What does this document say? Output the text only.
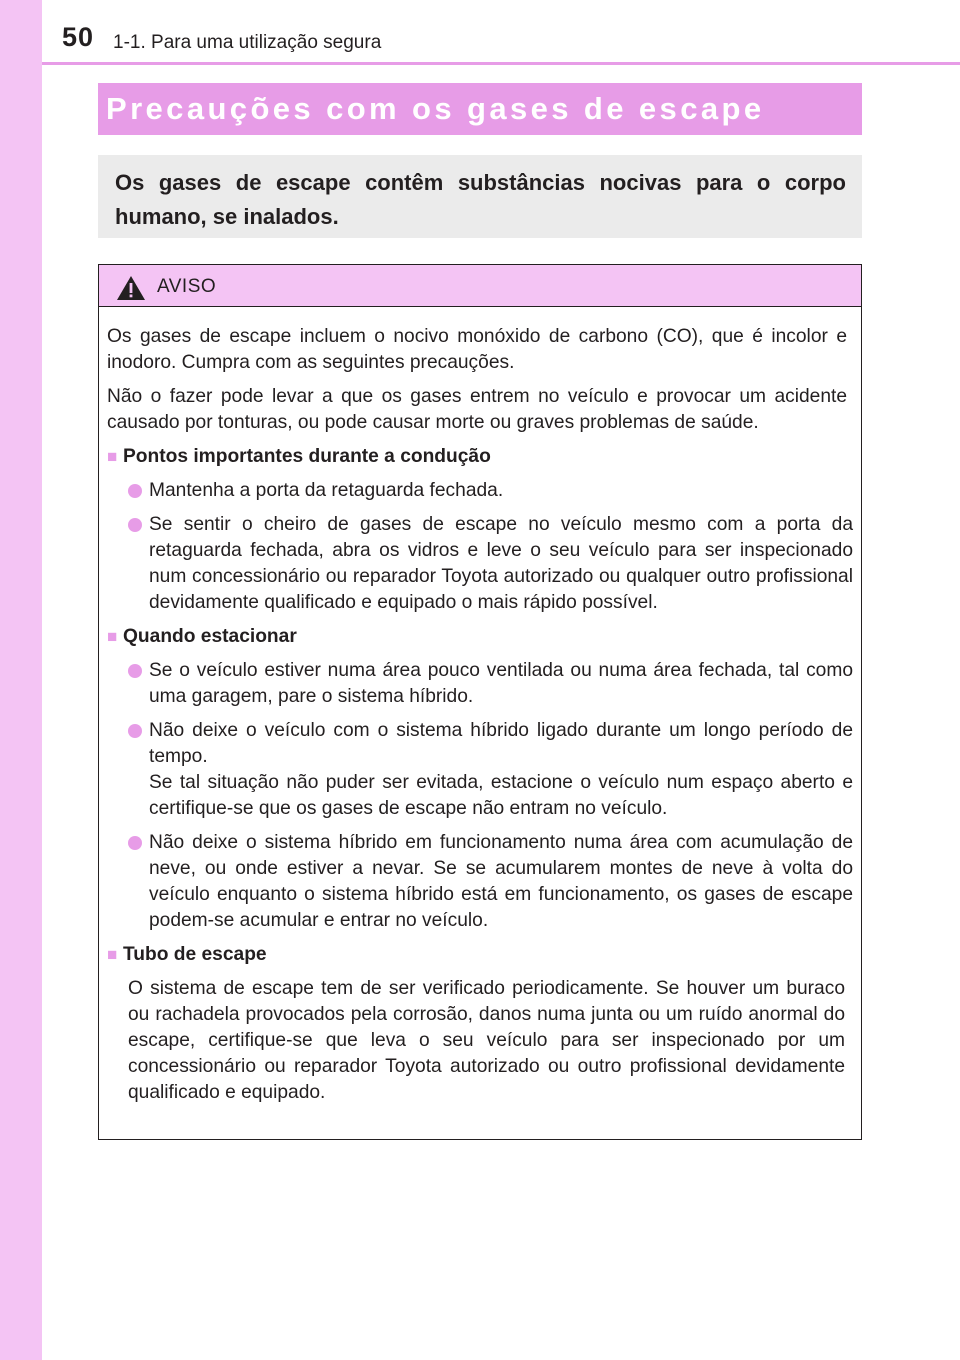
50 1-1. Para uma utilização segura
Precauções com os gases de escape

Os gases de escape contêm substâncias nocivas para o corpo humano, se inalados.

AVISO
Os gases de escape incluem o nocivo monóxido de carbono (CO), que é incolor e inodoro. Cumpra com as seguintes precauções.
Não o fazer pode levar a que os gases entrem no veículo e provocar um acidente causado por tonturas, ou pode causar morte ou graves problemas de saúde.
■ Pontos importantes durante a condução
Mantenha a porta da retaguarda fechada.
Se sentir o cheiro de gases de escape no veículo mesmo com a porta da retaguarda fechada, abra os vidros e leve o seu veículo para ser inspecionado num concessionário ou reparador Toyota autorizado ou qualquer outro profissional devidamente qualificado e equipado o mais rápido possível.
■ Quando estacionar
Se o veículo estiver numa área pouco ventilada ou numa área fechada, tal como uma garagem, pare o sistema híbrido.
Não deixe o veículo com o sistema híbrido ligado durante um longo período de tempo.
Se tal situação não puder ser evitada, estacione o veículo num espaço aberto e certifique-se que os gases de escape não entram no veículo.
Não deixe o sistema híbrido em funcionamento numa área com acumulação de neve, ou onde estiver a nevar. Se se acumularem montes de neve à volta do veículo enquanto o sistema híbrido está em funcionamento, os gases de escape podem-se acumular e entrar no veículo.
■ Tubo de escape
O sistema de escape tem de ser verificado periodicamente. Se houver um buraco ou rachadela provocados pela corrosão, danos numa junta ou um ruído anormal do escape, certifique-se que leva o seu veículo para ser inspecionado por um concessionário ou reparador Toyota autorizado ou outro profissional devidamente qualificado e equipado.
